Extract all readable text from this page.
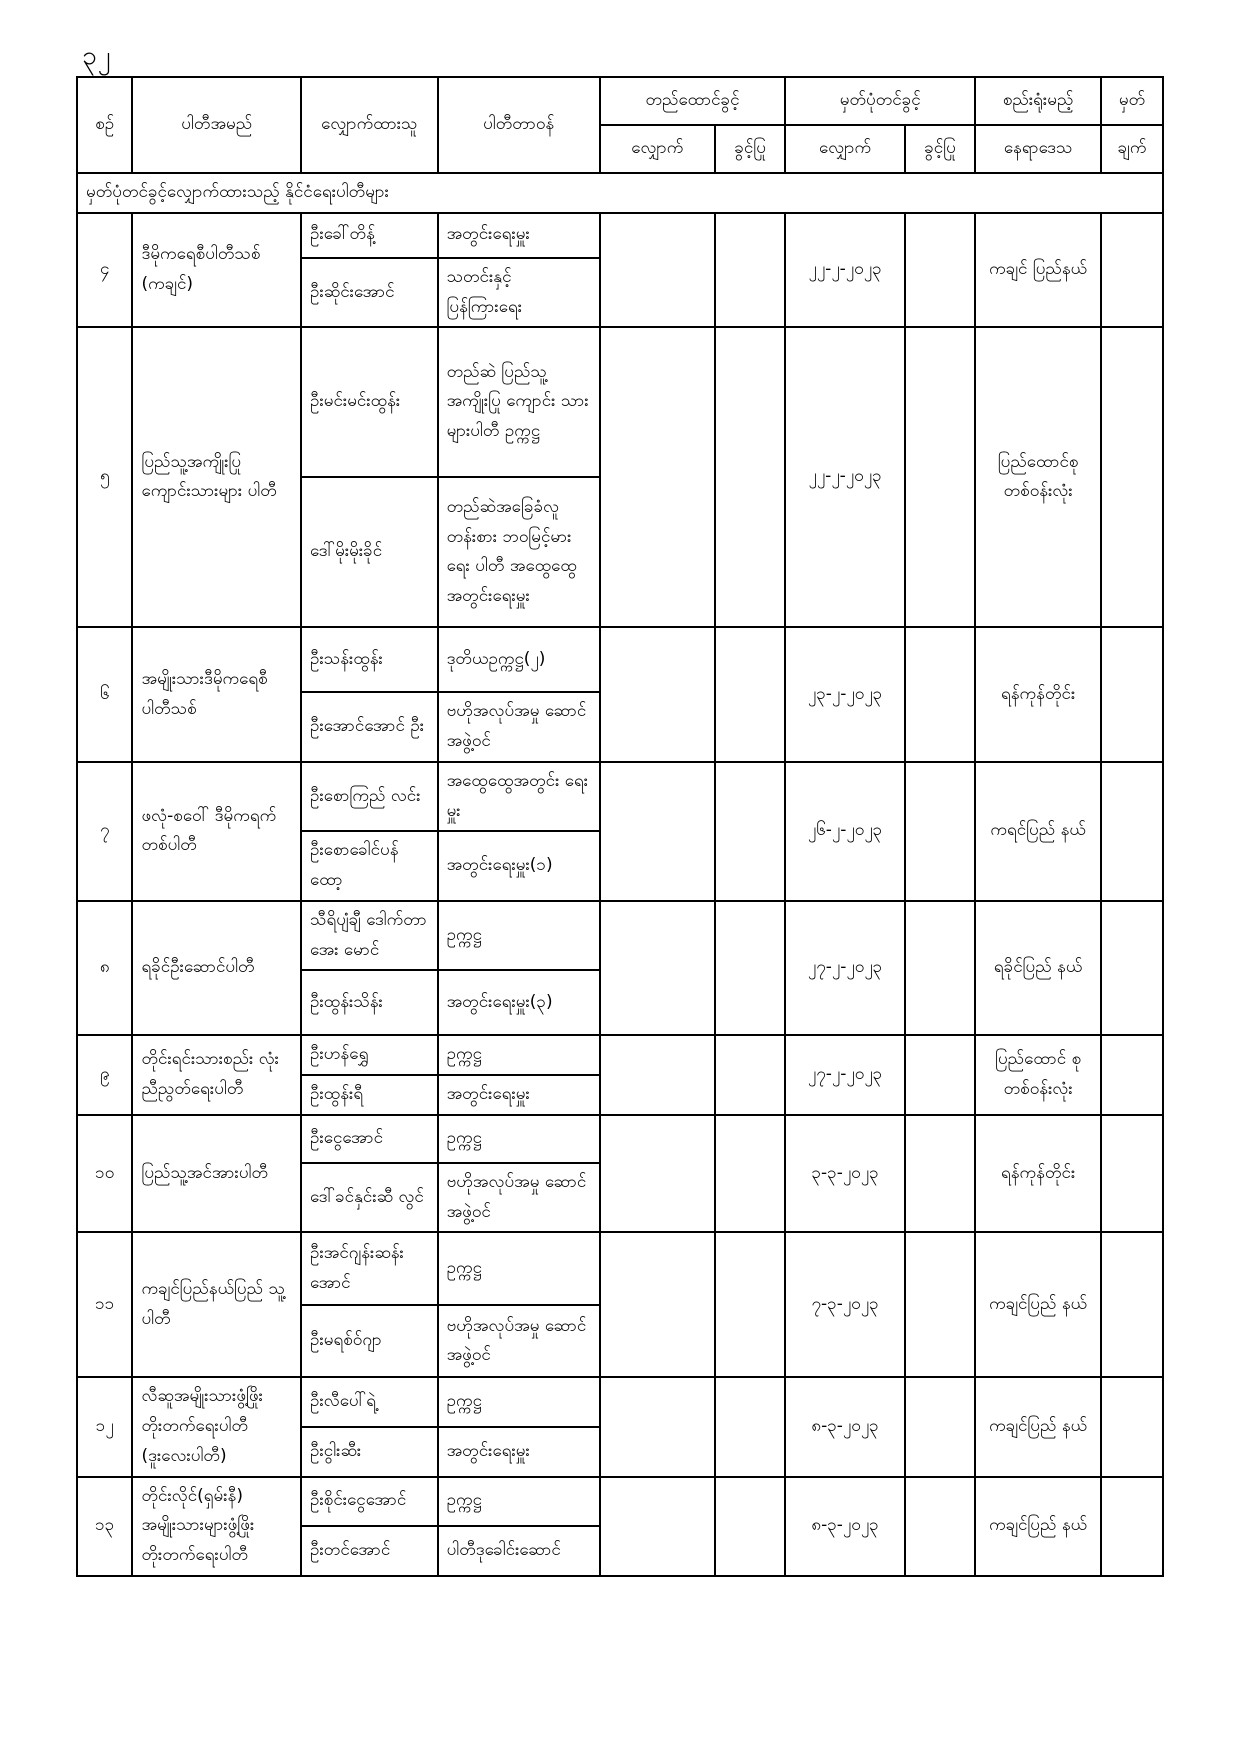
၃၂
စဉ်	ပါတီအမည်	လျှောက်ထားသူ	ပါတီတာဝန်	တည်ထောင်ခွင့်		မှတ်ပုံတင်ခွင့်		စည်းရုံးမည့်	မှတ်
				လျှောက်	ခွင့်ပြု	လျှောက်	ခွင့်ပြု	နေရာဒေသ	ချက်
မှတ်ပုံတင်ခွင့်လျှောက်ထားသည့် နိုင်ငံရေးပါတီများ									
၄	ဒီမိုကရေစီပါတီသစ် (ကချင်)	ဦးခေါ်တိန့်	အတွင်းရေးမှူး			၂၂-၂-၂၀၂၃		ကချင် ပြည်နယ်	
		ဦးဆိုင်းအောင်	သတင်းနှင့် ပြန်ကြားရေး						
၅	ပြည်သူ့အကျိုးပြု ကျောင်းသားများ ပါတီ	ဦးမင်းမင်းထွန်း	တည်ဆဲ ပြည်သူ့ အကျိုးပြု ကျောင်း သားများပါတီ ဥက္ကဋ္ဌ			၂၂-၂-၂၀၂၃		ပြည်ထောင်စု တစ်ဝန်းလုံး	
		ဒေါ်မိုးမိုးခိုင်	တည်ဆဲအခြေခံလူ တန်းစား ဘဝမြင့်မားရေး ပါတီ အထွေထွေ အတွင်းရေးမှူး						
၆	အမျိုးသားဒီမိုကရေစီ ပါတီသစ်	ဦးသန်းထွန်း	ဒုတိယဥက္ကဋ္ဌ(၂)			၂၃-၂-၂၀၂၃		ရန်ကုန်တိုင်း	
		ဦးအောင်အောင် ဦး	ဗဟိုအလုပ်အမှု ဆောင်အဖွဲ့ဝင်						
၇	ဖလုံ-စဝေါ် ဒီမိုကရက်တစ်ပါတီ	ဦးစောကြည် လင်း	အထွေထွေအတွင်း ရေးမှူး			၂၆-၂-၂၀၂၃		ကရင်ပြည် နယ်	
		ဦးစောခေါင်ပန် ထော့	အတွင်းရေးမှူး(၁)						
၈	ရခိုင်ဦးဆောင်ပါတီ	သီရိပျံချီ ဒေါက်တာအေး မောင်	ဥက္ကဋ္ဌ			၂၇-၂-၂၀၂၃		ရခိုင်ပြည် နယ်	
		ဦးထွန်းသိန်း	အတွင်းရေးမှူး(၃)						
၉	တိုင်းရင်းသားစည်း လုံးညီညွတ်ရေးပါတီ	ဦးဟန်ရွှေ	ဥက္ကဋ္ဌ			၂၇-၂-၂၀၂၃		ပြည်ထောင် စုတစ်ဝန်းလုံး	
		ဦးထွန်းရီ	အတွင်းရေးမှူး						
၁၀	ပြည်သူ့အင်အားပါတီ	ဦးငွေအောင်	ဥက္ကဋ္ဌ			၃-၃-၂၀၂၃		ရန်ကုန်တိုင်း	
		ဒေါ်ခင်နှင်းဆီ လွင်	ဗဟိုအလုပ်အမှု ဆောင်အဖွဲ့ဝင်						
၁၁	ကချင်ပြည်နယ်ပြည် သူ့ပါတီ	ဦးအင်ဂျန်းဆန်း အောင်	ဥက္ကဋ္ဌ			၇-၃-၂၀၂၃		ကချင်ပြည် နယ်	
		ဦးမရစ်ဝ်ဂျာ	ဗဟိုအလုပ်အမှု ဆောင်အဖွဲ့ဝင်						
၁၂	လီဆူအမျိုးသားဖွံ့ဖြိုး တိုးတက်ရေးပါတီ (ဒူးလေးပါတီ)	ဦးလီပေါ်ရဲ့	ဥက္ကဋ္ဌ			၈-၃-၂၀၂၃		ကချင်ပြည် နယ်	
		ဦးငွါးဆီး	အတွင်းရေးမှူး						
၁၃	တိုင်းလိုင်(ရှမ်းနီ) အမျိုးသားများဖွံ့ဖြိုး တိုးတက်ရေးပါတီ	ဦးစိုင်းငွေအောင်	ဥက္ကဋ္ဌ			၈-၃-၂၀၂၃		ကချင်ပြည် နယ်	
		ဦးတင်အောင်	ပါတီဒုခေါင်းဆောင်						
